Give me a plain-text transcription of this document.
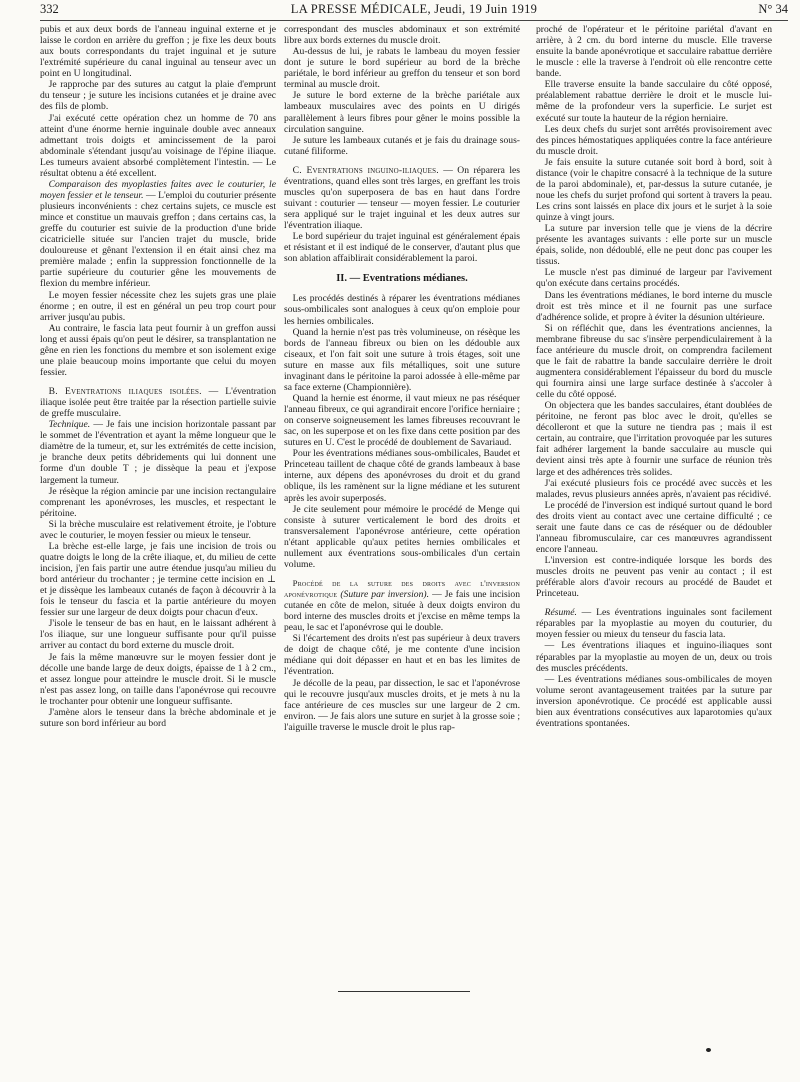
332	LA PRESSE MÉDICALE, Jeudi, 19 Juin 1919	N° 34

pubis et aux deux bords de l'anneau inguinal externe et je laisse le cordon en arrière du greffon ; je fixe les deux bouts aux bouts correspondants du trajet inguinal et je suture l'extrémité supérieure du canal inguinal au tenseur avec un point en U longitudinal.

Je rapproche par des sutures au catgut la plaie d'emprunt du tenseur ; je suture les incisions cutanées et je draine avec des fils de plomb.

J'ai exécuté cette opération chez un homme de 70 ans atteint d'une énorme hernie inguinale double avec anneaux admettant trois doigts et amincissement de la paroi abdominale s'étendant jusqu'au voisinage de l'épine iliaque. Les tumeurs avaient absorbé complètement l'intestin. — Le résultat obtenu a été excellent.

Comparaison des myoplasties faites avec le couturier, le moyen fessier et le tenseur. — L'emploi du couturier présente plusieurs inconvénients : chez certains sujets, ce muscle est mince et constitue un mauvais greffon ; dans certains cas, la greffe du couturier est suivie de la production d'une bride cicatricielle située sur l'ancien trajet du muscle, bride douloureuse et gênant l'extension il en était ainsi chez ma première malade ; enfin la suppression fonctionnelle de la partie supérieure du couturier gêne les mouvements de flexion du membre inférieur.

Le moyen fessier nécessite chez les sujets gras une plaie énorme ; en outre, il est en général un peu trop court pour arriver jusqu'au pubis.

Au contraire, le fascia lata peut fournir à un greffon aussi long et aussi épais qu'on peut le désirer, sa transplantation ne gêne en rien les fonctions du membre et son isolement exige une plaie beaucoup moins importante que celui du moyen fessier.

B. Eventrations iliaques isolées. — L'éventration iliaque isolée peut être traitée par la résection partielle suivie de greffe musculaire.

Technique. — Je fais une incision horizontale passant par le sommet de l'éventration et ayant la même longueur que le diamètre de la tumeur, et, sur les extrémités de cette incision, je branche deux petits débridements qui lui donnent une forme d'un double T ; je dissèque la peau et j'expose largement la tumeur.

Je résèque la région amincie par une incision rectangulaire comprenant les aponévroses, les muscles, et respectant le péritoine.

Si la brèche musculaire est relativement étroite, je l'obture avec le couturier, le moyen fessier ou mieux le tenseur.

La brèche est-elle large, je fais une incision de trois ou quatre doigts le long de la crête iliaque, et, du milieu de cette incision, j'en fais partir une autre étendue jusqu'au milieu du bord antérieur du trochanter ; je termine cette incision en ⊥ et je dissèque les lambeaux cutanés de façon à découvrir à la fois le tenseur du fascia et la partie antérieure du moyen fessier sur une largeur de deux doigts pour chacun d'eux.

J'isole le tenseur de bas en haut, en le laissant adhérent à l'os iliaque, sur une longueur suffisante pour qu'il puisse arriver au contact du bord externe du muscle droit.

Je fais la même manœuvre sur le moyen fessier dont je décolle une bande large de deux doigts, épaisse de 1 à 2 cm., et assez longue pour atteindre le muscle droit. Si le muscle n'est pas assez long, on taille dans l'aponévrose qui recouvre le trochanter pour obtenir une longueur suffisante.

J'amène alors le tenseur dans la brèche abdominale et je suture son bord inférieur au bord

correspondant des muscles abdominaux et son extrémité libre aux bords externes du muscle droit.

Au-dessus de lui, je rabats le lambeau du moyen fessier dont je suture le bord supérieur au bord de la brèche pariétale, le bord inférieur au greffon du tenseur et son bord terminal au muscle droit.

Je suture le bord externe de la brèche pariétale aux lambeaux musculaires avec des points en U dirigés parallèlement à leurs fibres pour gêner le moins possible la circulation sanguine.

Je suture les lambeaux cutanés et je fais du drainage sous-cutané filiforme.

C. Eventrations inguino-iliaques. — On réparera les éventrations, quand elles sont très larges, en greffant les trois muscles qu'on superposera de bas en haut dans l'ordre suivant : couturier — tenseur — moyen fessier. Le couturier sera appliqué sur le trajet inguinal et les deux autres sur l'éventration iliaque.

Le bord supérieur du trajet inguinal est généralement épais et résistant et il est indiqué de le conserver, d'autant plus que son ablation affaiblirait considérablement la paroi.

II. — Eventrations médianes.

Les procédés destinés à réparer les éventrations médianes sous-ombilicales sont analogues à ceux qu'on emploie pour les hernies ombilicales.

Quand la hernie n'est pas très volumineuse, on résèque les bords de l'anneau fibreux ou bien on les dédouble aux ciseaux, et l'on fait soit une suture à trois étages, soit une suture en masse aux fils métalliques, soit une suture invaginant dans le péritoine la paroi adossée à elle-même par sa face externe (Championnière).

Quand la hernie est énorme, il vaut mieux ne pas réséquer l'anneau fibreux, ce qui agrandirait encore l'orifice herniaire ; on conserve soigneusement les lames fibreuses recouvrant le sac, on les superpose et on les fixe dans cette position par des sutures en U. C'est le procédé de doublement de Savariaud.

Pour les éventrations médianes sous-ombilicales, Baudet et Princeteau taillent de chaque côté de grands lambeaux à base interne, aux dépens des aponévroses du droit et du grand oblique, ils les ramènent sur la ligne médiane et les suturent après les avoir superposés.

Je cite seulement pour mémoire le procédé de Menge qui consiste à suturer verticalement le bord des droits et transversalement l'aponévrose antérieure, cette opération n'étant applicable qu'aux petites hernies ombilicales et nullement aux éventrations sous-ombilicales d'un certain volume.

Procédé de la suture des droits avec l'inversion aponévrotique (Suture par inversion). — Je fais une incision cutanée en côte de melon, située à deux doigts environ du bord interne des muscles droits et j'excise en même temps la peau, le sac et l'aponévrose qui le double.

Si l'écartement des droits n'est pas supérieur à deux travers de doigt de chaque côté, je me contente d'une incision médiane qui doit dépasser en haut et en bas les limites de l'éventration.

Je décolle de la peau, par dissection, le sac et l'aponévrose qui le recouvre jusqu'aux muscles droits, et je mets à nu la face antérieure de ces muscles sur une largeur de 2 cm. environ. — Je fais alors une suture en surjet à la grosse soie ; l'aiguille traverse le muscle droit le plus rap-

proché de l'opérateur et le péritoine pariétal d'avant en arrière, à 2 cm. du bord interne du muscle. Elle traverse ensuite la bande aponévrotique et sacculaire rabattue derrière le muscle : elle la traverse à l'endroit où elle rencontre cette bande.

Elle traverse ensuite la bande sacculaire du côté opposé, préalablement rabattue derrière le droit et le muscle lui-même de la profondeur vers la superficie. Le surjet est exécuté sur toute la hauteur de la région herniaire.

Les deux chefs du surjet sont arrêtés provisoirement avec des pinces hémostatiques appliquées contre la face antérieure du muscle droit.

Je fais ensuite la suture cutanée soit bord à bord, soit à distance (voir le chapitre consacré à la technique de la suture de la paroi abdominale), et, par-dessus la suture cutanée, je noue les chefs du surjet profond qui sortent à travers la peau. Les crins sont laissés en place dix jours et le surjet à la soie quinze à vingt jours.

La suture par inversion telle que je viens de la décrire présente les avantages suivants : elle porte sur un muscle épais, solide, non dédoublé, elle ne peut donc pas couper les tissus.

Le muscle n'est pas diminué de largeur par l'avivement qu'on exécute dans certains procédés.

Dans les éventrations médianes, le bord interne du muscle droit est très mince et il ne fournit pas une surface d'adhérence solide, et propre à éviter la désunion ultérieure.

Si on réfléchit que, dans les éventrations anciennes, la membrane fibreuse du sac s'insère perpendiculairement à la face antérieure du muscle droit, on comprendra facilement que le fait de rabattre la bande sacculaire derrière le droit augmentera considérablement l'épaisseur du bord du muscle qui fournira ainsi une large surface destinée à s'accoler à celle du côté opposé.

On objectera que les bandes sacculaires, étant doublées de péritoine, ne feront pas bloc avec le droit, qu'elles se décolleront et que la suture ne tiendra pas ; mais il est certain, au contraire, que l'irritation provoquée par les sutures fait adhérer largement la bande sacculaire au muscle qui devient ainsi très apte à fournir une surface de réunion très large et des adhérences très solides.

J'ai exécuté plusieurs fois ce procédé avec succès et les malades, revus plusieurs années après, n'avaient pas récidivé.

Le procédé de l'inversion est indiqué surtout quand le bord des droits vient au contact avec une certaine difficulté ; ce serait une faute dans ce cas de réséquer ou de dédoubler l'anneau fibromusculaire, car ces manœuvres agrandissent encore l'anneau.

L'inversion est contre-indiquée lorsque les bords des muscles droits ne peuvent pas venir au contact ; il est préférable alors d'avoir recours au procédé de Baudet et Princeteau.

Résumé. — Les éventrations inguinales sont facilement réparables par la myoplastie au moyen du couturier, du moyen fessier ou mieux du tenseur du fascia lata.

— Les éventrations iliaques et inguino-iliaques sont réparables par la myoplastie au moyen de un, deux ou trois des muscles précédents.

— Les éventrations médianes sous-ombilicales de moyen volume seront avantageusement traitées par la suture par inversion aponévrotique. Ce procédé est applicable aussi bien aux éventrations consécutives aux laparotomies qu'aux éventrations spontanées.
